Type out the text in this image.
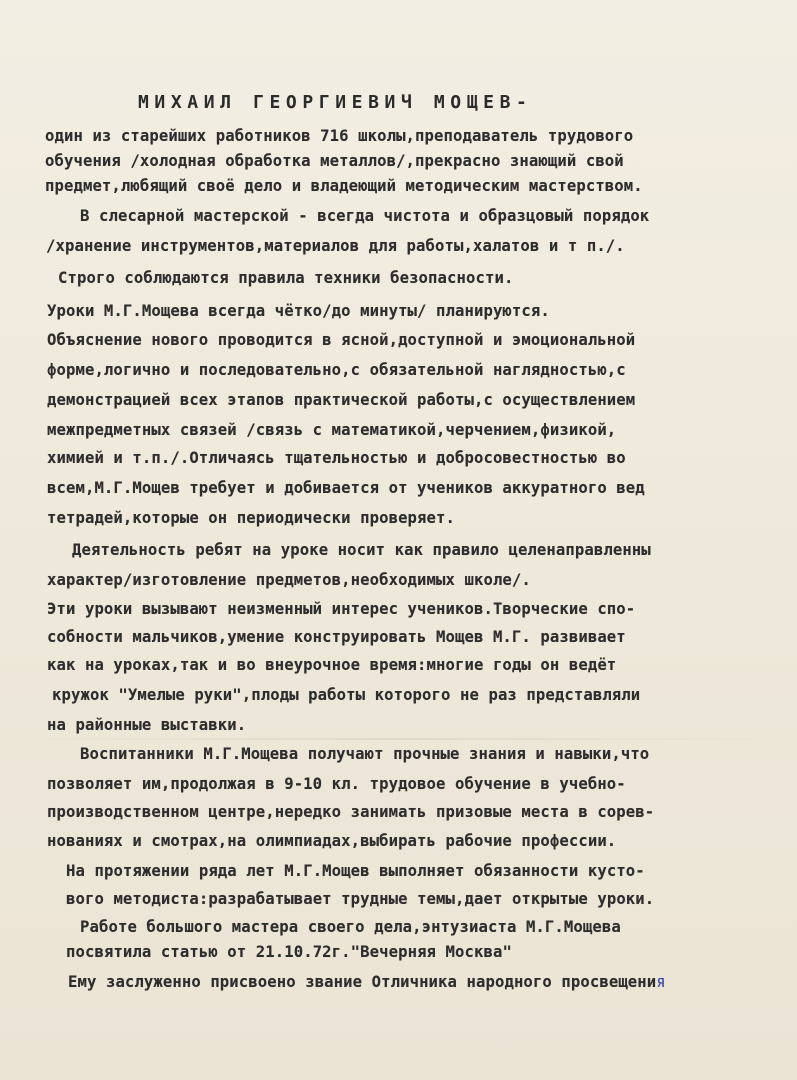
МИХАИЛ ГЕОРГИЕВИЧ МОЩЕВ-
один из старейших работников 716 школы,преподаватель трудового
обучения /холодная обработка металлов/,прекрасно знающий свой
предмет,любящий своё дело и владеющий методическим мастерством.
В слесарной мастерской - всегда чистота и образцовый порядок
/хранение инструментов,материалов для работы,халатов и т п./.
Строго соблюдаются правила техники безопасности.
Уроки М.Г.Мощева всегда чётко/до минуты/ планируются.
Объяснение нового проводится в ясной,доступной и эмоциональной
форме,логично и последовательно,с обязательной наглядностью,с
демонстрацией всех этапов практической работы,с осуществлением
межпредметных связей /связь с математикой,черчением,физикой,
химией и т.п./.Отличаясь тщательностью и добросовестностью во
всем,М.Г.Мощев требует и добивается от учеников аккуратного вед
тетрадей,которые он периодически проверяет.
Деятельность ребят на уроке носит как правило целенаправленны
характер/изготовление предметов,необходимых школе/.
Эти уроки вызывают неизменный интерес учеников.Творческие спо-
собности мальчиков,умение конструировать Мощев М.Г. развивает
как на уроках,так и во внеурочное время:многие годы он ведёт
кружок "Умелые руки",плоды работы которого не раз представляли
на районные выставки.
Воспитанники М.Г.Мощева получают прочные знания и навыки,что
позволяет им,продолжая в 9-10 кл. трудовое обучение в учебно-
производственном центре,нередко занимать призовые места в сорев-
нованиях и смотрах,на олимпиадах,выбирать рабочие профессии.
На протяжении ряда лет М.Г.Мощев выполняет обязанности кусто-
вого методиста:разрабатывает трудные темы,дает открытые уроки.
Работе большого мастера своего дела,энтузиаста М.Г.Мощева
посвятила статью от 21.10.72г."Вечерняя Москва"
Ему заслуженно присвоено звание Отличника народного просвещения
